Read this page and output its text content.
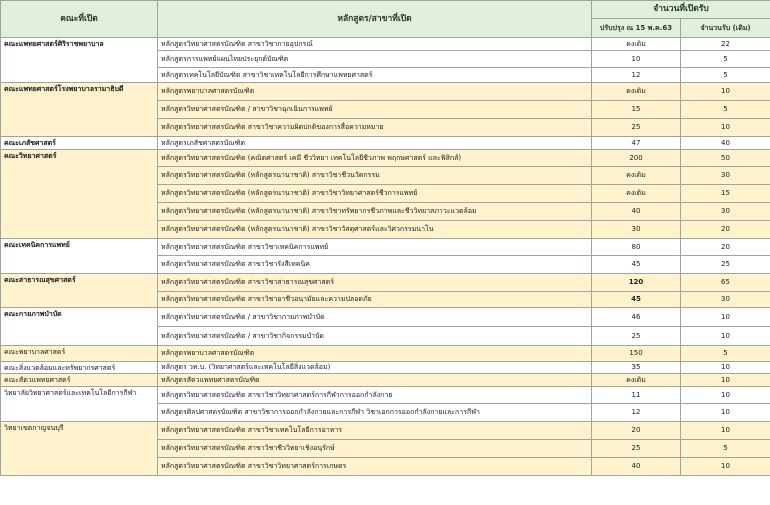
คณะที่เปิด	หลักสูตร/สาขาที่เปิด	จำนวนที่เปิดรับ	
		ปรับปรุง ณ 15 พ.ค.63	จำนวนรับ (เดิม)
คณะแพทยศาสตร์ศิริราชพยาบาล	หลักสูตรวิทยาศาสตรบัณฑิต สาขาวิชากายอุปกรณ์	คงเดิม	22
	หลักสูตรการแพทย์แผนไทยประยุกต์บัณฑิต	10	5
	หลักสูตรเทคโนโลยีบัณฑิต สาขาวิชาเทคโนโลยีการศึกษาแพทยศาสตร์	12	5
คณะแพทยศาสตร์โรงพยาบาลรามาธิบดี	หลักสูตรพยาบาลศาสตรบัณฑิต	คงเดิม	10
	หลักสูตรวิทยาศาสตรบัณฑิต / สาขาวิชาฉุกเฉินการแพทย์	15	5
	หลักสูตรวิทยาศาสตรบัณฑิต สาขาวิชาความผิดปกติของการสื่อความหมาย	25	10
คณะเภสัชศาสตร์	หลักสูตรเภสัชศาสตรบัณฑิต	47	40
คณะวิทยาศาสตร์	หลักสูตรวิทยาศาสตรบัณฑิต (คณิตศาสตร์ เคมี ชีววิทยา เทคโนโลยีชีวภาพ พฤกษศาสตร์ และฟิสิกส์)	200	50
	หลักสูตรวิทยาศาสตรบัณฑิต (หลักสูตรนานาชาติ) สาขาวิชาชีวนวัตกรรม	คงเดิม	30
	หลักสูตรวิทยาศาสตรบัณฑิต (หลักสูตรนานาชาติ) สาขาวิชาวิทยาศาสตร์ชีวการแพทย์	คงเดิม	15
	หลักสูตรวิทยาศาสตรบัณฑิต (หลักสูตรนานาชาติ) สาขาวิชาทรัพยากรชีวภาพและชีววิทยาสภาวะแวดล้อม	40	30
	หลักสูตรวิทยาศาสตรบัณฑิต (หลักสูตรนานาชาติ) สาขาวิชาวัสดุศาสตร์และวิศวกรรมนาโน	30	20
คณะเทคนิคการแพทย์	หลักสูตรวิทยาศาสตรบัณฑิต สาขาวิชาเทคนิคการแพทย์	80	20
	หลักสูตรวิทยาศาสตรบัณฑิต สาขาวิชารังสีเทคนิค	45	25
คณะสาธารณสุขศาสตร์	หลักสูตรวิทยาศาสตรบัณฑิต สาขาวิชาสาธารณสุขศาสตร์	120	65
	หลักสูตรวิทยาศาสตรบัณฑิต สาขาวิชาอาชีวอนามัยและความปลอดภัย	45	30
คณะกายภาพบำบัด	หลักสูตรวิทยาศาสตรบัณฑิต / สาขาวิชากายภาพบำบัด	46	10
	หลักสูตรวิทยาศาสตรบัณฑิต / สาขาวิชากิจกรรมบำบัด	25	10
คณะพยาบาลศาสตร์	หลักสูตรพยาบาลศาสตรบัณฑิต	150	5
คณะสิ่งแวดล้อมและทรัพยากรศาสตร์	หลักสูตร วท.บ. (วิทยาศาสตร์และเทคโนโลยีสิ่งแวดล้อม)	35	10
คณะสัตวแพทยศาสตร์	หลักสูตรสัตวแพทยศาสตรบัณฑิต	คงเดิม	10
วิทยาลัยวิทยาศาสตร์และเทคโนโลยีการกีฬา	หลักสูตรวิทยาศาสตรบัณฑิต สาขาวิชาวิทยาศาสตร์การกีฬาการออกกำลังกาย	11	10
	หลักสูตรศิลปศาสตรบัณฑิต สาขาวิชาการออกกำลังกายและการกีฬา วิชาเอกการออกกำลังกายและการกีฬา	12	10
วิทยาเขตกาญจนบุรี	หลักสูตรวิทยาศาสตรบัณฑิต สาขาวิชาเทคโนโลยีการอาหาร	20	10
	หลักสูตรวิทยาศาสตรบัณฑิต สาขาวิชาชีววิทยาเชิงอนุรักษ์	25	5
	หลักสูตรวิทยาศาสตรบัณฑิต สาขาวิชาวิทยาศาสตร์การเกษตร	40	10
